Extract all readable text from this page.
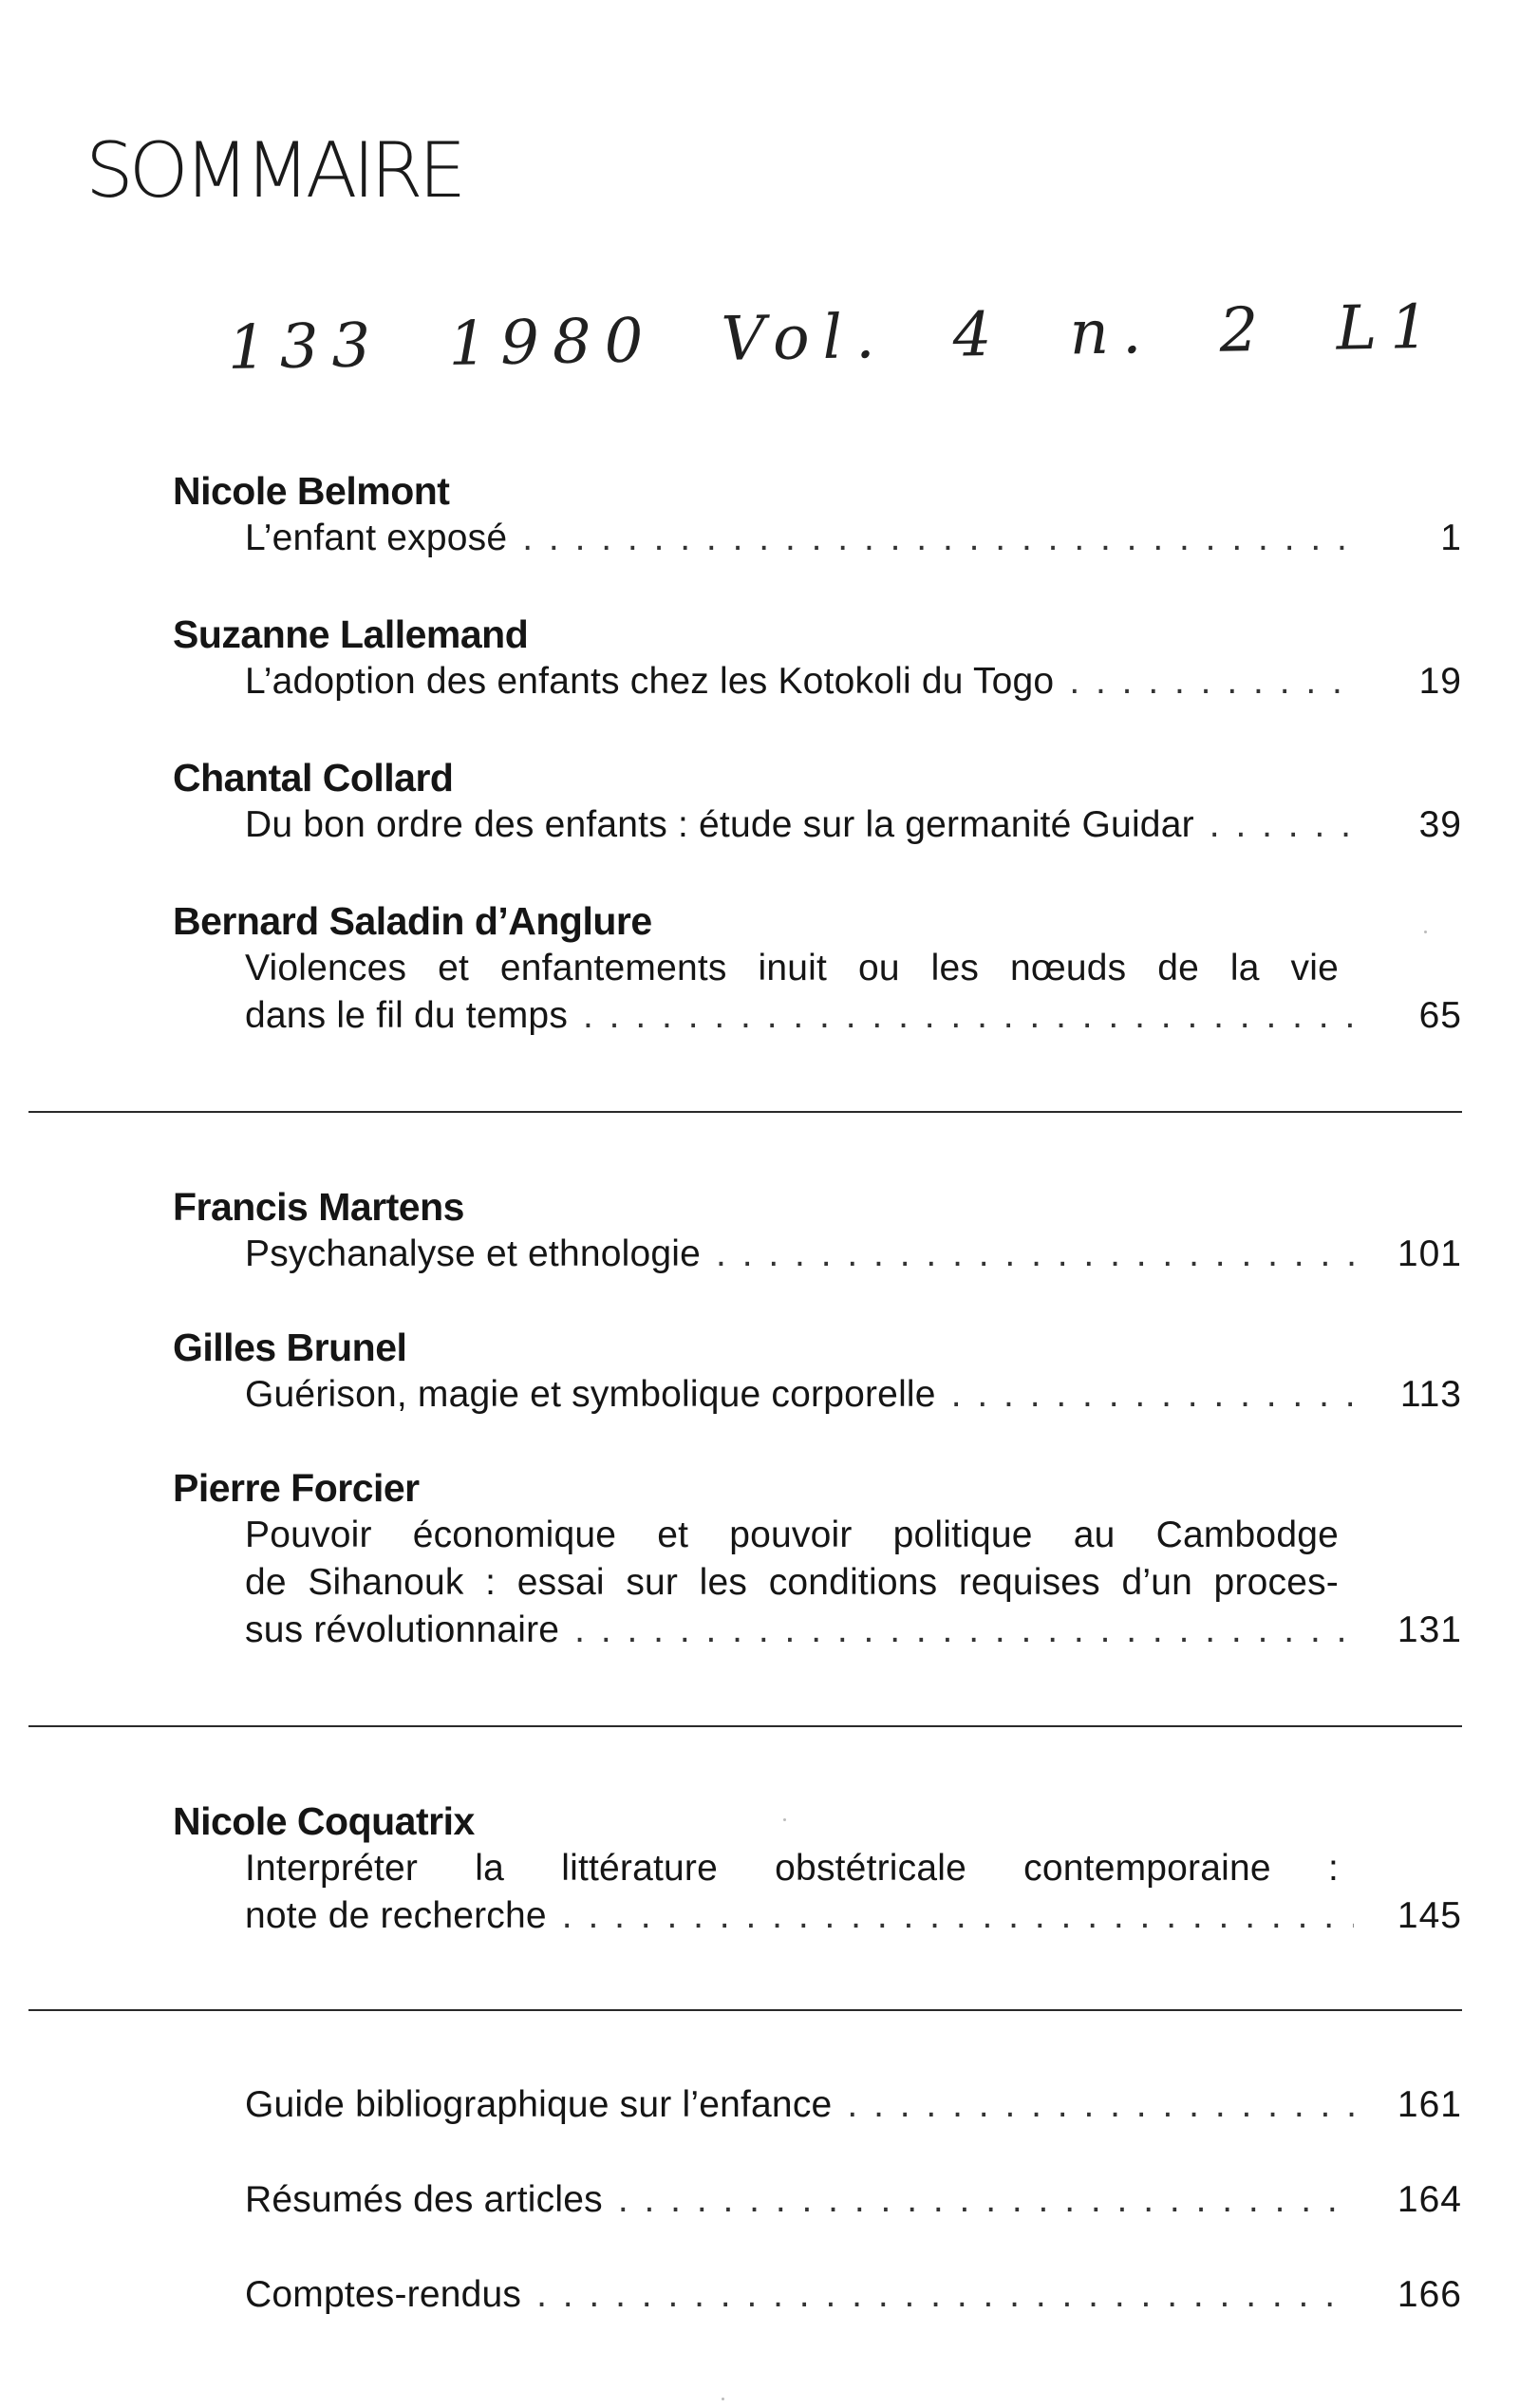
SOMMAIRE

133 1980 Vol. 4 n. 2 L1

Nicole Belmont
L’enfant exposé . . .	1
Suzanne Lallemand
L’adoption des enfants chez les Kotokoli du Togo . . .	19
Chantal Collard
Du bon ordre des enfants : étude sur la germanité Guidar . . .	39
Bernard Saladin d’Anglure
Violences et enfantements inuit ou les nœuds de la vie
dans le fil du temps . . .	65
Francis Martens
Psychanalyse et ethnologie . . .	101
Gilles Brunel
Guérison, magie et symbolique corporelle . . .	113
Pierre Forcier
Pouvoir économique et pouvoir politique au Cambodge
de Sihanouk : essai sur les conditions requises d’un proces-
sus révolutionnaire . . .	131
Nicole Coquatrix
Interpréter la littérature obstétricale contemporaine :
note de recherche . . .	145
Guide bibliographique sur l’enfance . . .	161
Résumés des articles . . .	164
Comptes-rendus . . .	166
